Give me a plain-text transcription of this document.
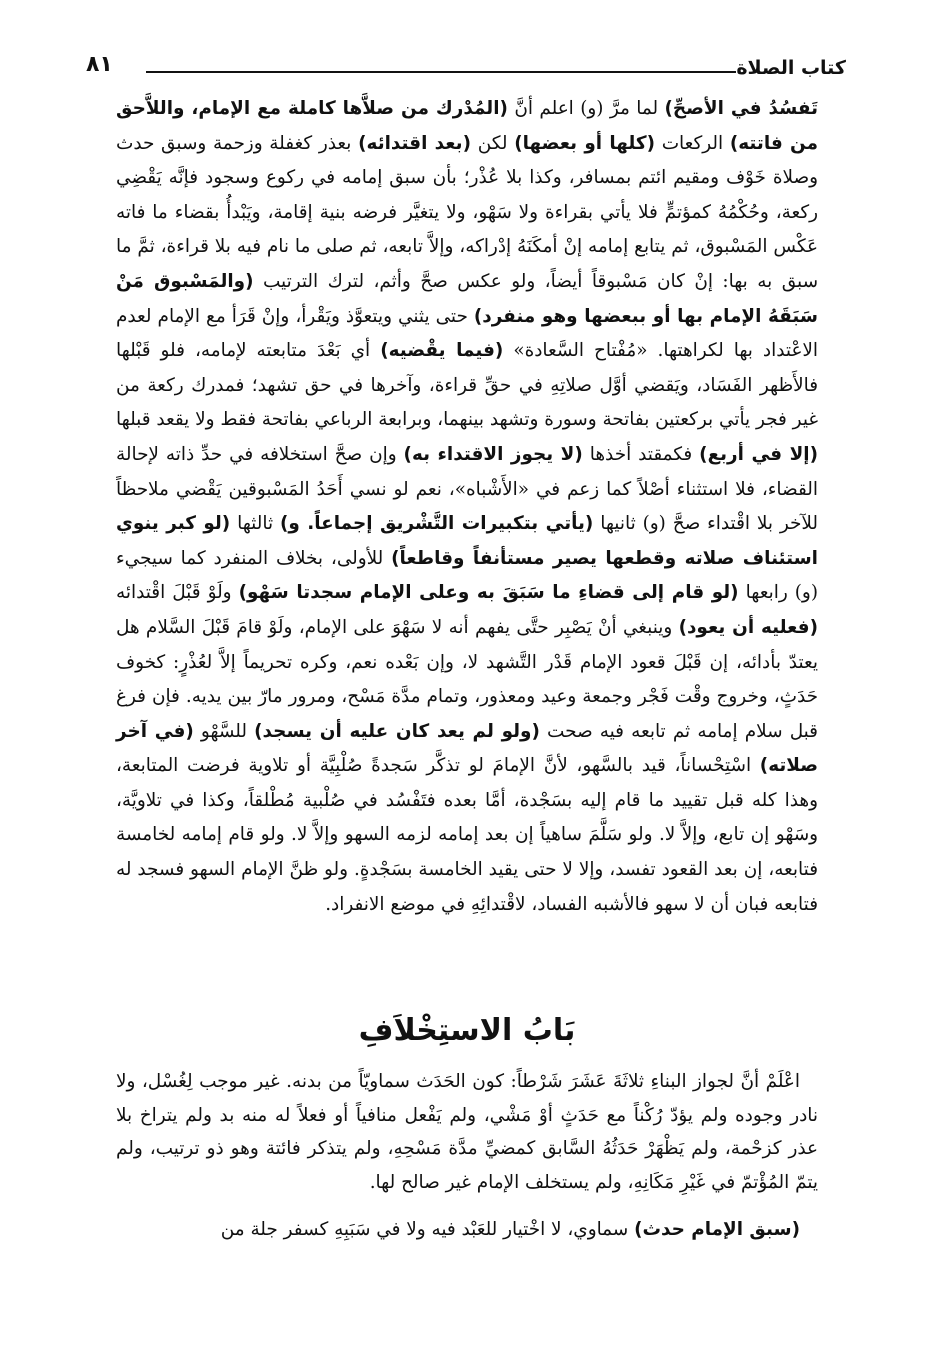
كتاب الصلاة
٨١

تَفسُدُ في الأصحِّ) لما مرَّ (و) اعلم أنَّ (المُدْرك من صلاَّها كاملة مع الإمام، واللاَّحق من فاتته) الركعات (كلها أو بعضها) لكن (بعد اقتدائه) بعذر كغفلة وزحمة وسبق حدث وصلاة خَوْف ومقيم ائتم بمسافر، وكذا بلا عُذْر؛ بأن سبق إمامه في ركوع وسجود فإنَّه يَقْضِي ركعة، وحُكْمُهُ كمؤتمٍّ فلا يأتي بقراءة ولا سَهْو، ولا يتغيَّر فرضه بنية إقامة، ويَبْدأُ بقضاء ما فاته عَكْس المَسْبوق، ثم يتابع إمامه إنْ أمكَنَهُ إدْراكه، وإلاَّ تابعه، ثم صلى ما نام فيه بلا قراءة، ثمَّ ما سبق به بها: إنْ كان مَسْبوقاً أيضاً، ولو عكس صحَّ وأثم، لترك الترتيب (والمَسْبوق مَنْ سَبَقَهُ الإمام بها أو ببعضها وهو منفرد) حتى يثني ويتعوَّذ ويَقْرأ، وإنْ قَرَأ مع الإمام لعدم الاعْتداد بها لكراهتها. «مُفْتاح السَّعادة» (فيما يقْضيه) أي بَعْدَ متابعته لإمامه، فلو قَبْلها فالأَظهر الفَسَاد، ويَقضي أوَّل صلاتِهِ في حقِّ قراءة، وآخرها في حق تشهد؛ فمدرك ركعة من غير فجر يأتي بركعتين بفاتحة وسورة وتشهد بينهما، وبرابعة الرباعي بفاتحة فقط ولا يقعد قبلها (إلا في أربع) فكمقتد أخذها (لا يجوز الاقتداء به) وإن صحَّ استخلافه في حدِّ ذاته لإحالة القضاء، فلا استثناء أصْلاً كما زعم في «الأَشْباه»، نعم لو نسي أَحَدُ المَسْبوقين يَقْضي ملاحظاً للآخر بلا اقْتداء صحَّ (و) ثانيها (يأتي بتكبيرات التَّشْريق إجماعاً. و) ثالثها (لو كبر ينوي استئناف صلاته وقطعها يصير مستأنفاً وقاطعاً) للأولى، بخلاف المنفرد كما سيجيء (و) رابعها (لو قام إلى قضاءِ ما سَبَقَ به وعلى الإمام سجدتا سَهْو) ولَوْ قَبْلَ اقْتدائه (فعليه أن يعود) وينبغي أنْ يَصْبِر حتَّى يفهم أنه لا سَهْوَ على الإمام، ولَوْ قامَ قَبْلَ السَّلام هل يعتدّ بأدائه، إن قَبْلَ قعود الإمام قَدْر التَّشهد لا، وإن بَعْده نعم، وكره تحريماً إلاَّ لعُذْرٍ: كخوف حَدَثٍ، وخروج وقْت فَجْر وجمعة وعيد ومعذور، وتمام مدَّة مَسْح، ومرور مارّ بين يديه. فإن فرغ قبل سلام إمامه ثم تابعه فيه صحت (ولو لم يعد كان عليه أن يسجد) للسَّهْو (في آخر صلاته) اسْتِحْساناً، قيد بالسَّهو، لأنَّ الإمامَ لو تذكَّر سَجدةً صُلْبِيَّة أو تلاوية فرضت المتابعة، وهذا كله قبل تقييد ما قام إليه بسَجْدة، أمَّا بعده فتَفْسُد في صُلْبية مُطْلقاً، وكذا في تلاويَّة، وسَهْو إن تابع، وإلاَّ لا. ولو سَلَّمَ ساهياً إن بعد إمامه لزمه السهو وإلاَّ لا. ولو قام إمامه لخامسة فتابعه، إن بعد القعود تفسد، وإلا لا حتى يقيد الخامسة بسَجْدةٍ. ولو ظنَّ الإمام السهو فسجد له فتابعه فبان أن لا سهو فالأشبه الفساد، لاقْتدائِهِ في موضع الانفراد.

بَابُ الاستِخْلاَفِ

اعْلَمْ أنَّ لجواز البناءِ ثلاثَةَ عَشَرَ شَرْطاً: كون الحَدَث سماويّاً من بدنه. غير موجب لِغُسْل، ولا نادر وجوده ولم يؤدّ رُكْناً مع حَدَثٍ أوْ مَشْي، ولم يَفْعل منافياً أو فعلاً له منه بد ولم يتراخ بلا عذر كزحْمة، ولم يَظْهَرْ حَدَثُهُ السَّابق كمضيِّ مدَّة مَسْحِهِ، ولم يتذكر فائتة وهو ذو ترتيب، ولم يتمّ المُؤْتمّ في غَيْرِ مَكَانِهِ، ولم يستخلف الإمام غير صالح لها.

(سبق الإمام حدث) سماوي، لا اخْتيار للعَبْد فيه ولا في سَبَبِهِ كسفر جلة من
